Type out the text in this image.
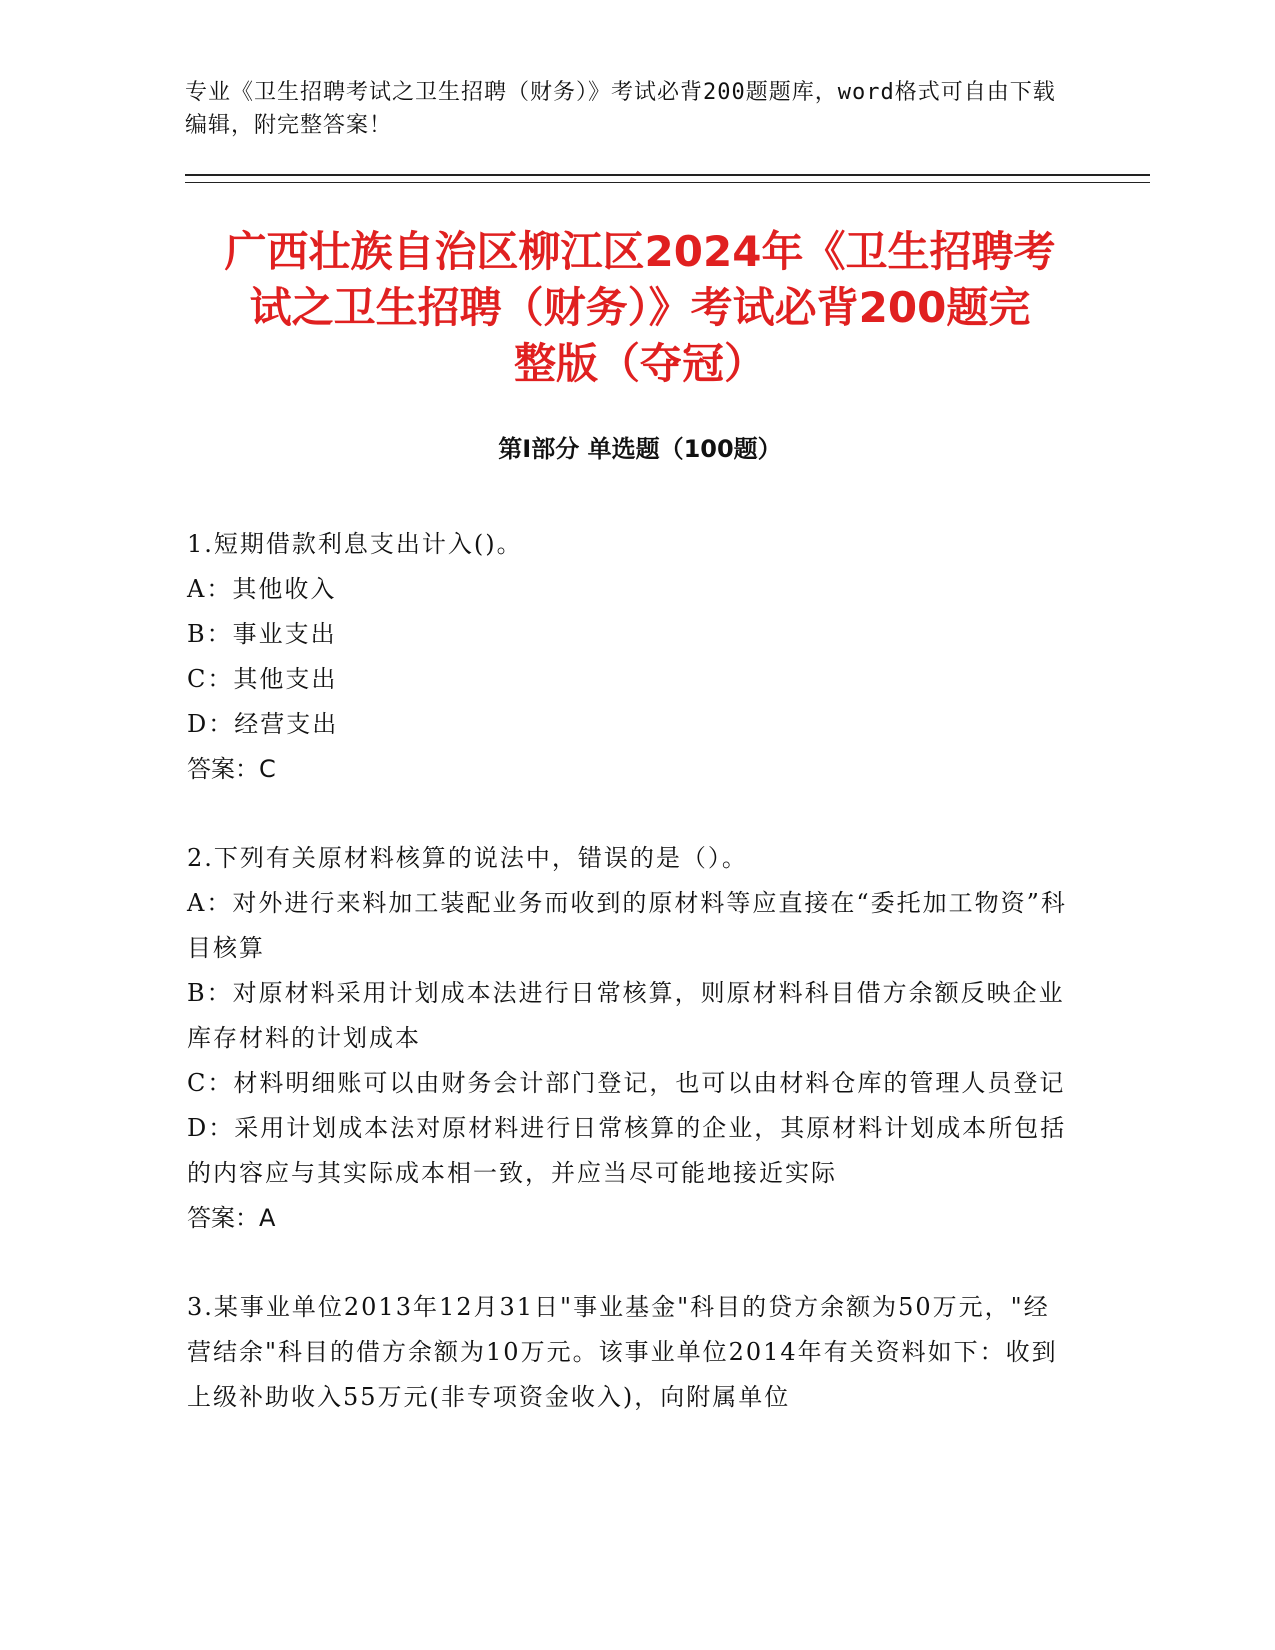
专业《卫生招聘考试之卫生招聘（财务）》考试必背200题题库，word格式可自由下载编辑，附完整答案！
广西壮族自治区柳江区2024年《卫生招聘考
试之卫生招聘（财务）》考试必背200题完
整版（夺冠）
第Ⅰ部分 单选题（100题）

1.短期借款利息支出计入()。

A：其他收入

B：事业支出

C：其他支出

D：经营支出

答案：C

2.下列有关原材料核算的说法中，错误的是（）。

A：对外进行来料加工装配业务而收到的原材料等应直接在“委托加工物资”科目核算

B：对原材料采用计划成本法进行日常核算，则原材料科目借方余额反映企业库存材料的计划成本

C：材料明细账可以由财务会计部门登记，也可以由材料仓库的管理人员登记

D：采用计划成本法对原材料进行日常核算的企业，其原材料计划成本所包括的内容应与其实际成本相一致，并应当尽可能地接近实际

答案：A

3.某事业单位2013年12月31日"事业基金"科目的贷方余额为50万元，"经营结余"科目的借方余额为10万元。该事业单位2014年有关资料如下：收到上级补助收入55万元(非专项资金收入)，向附属单位
